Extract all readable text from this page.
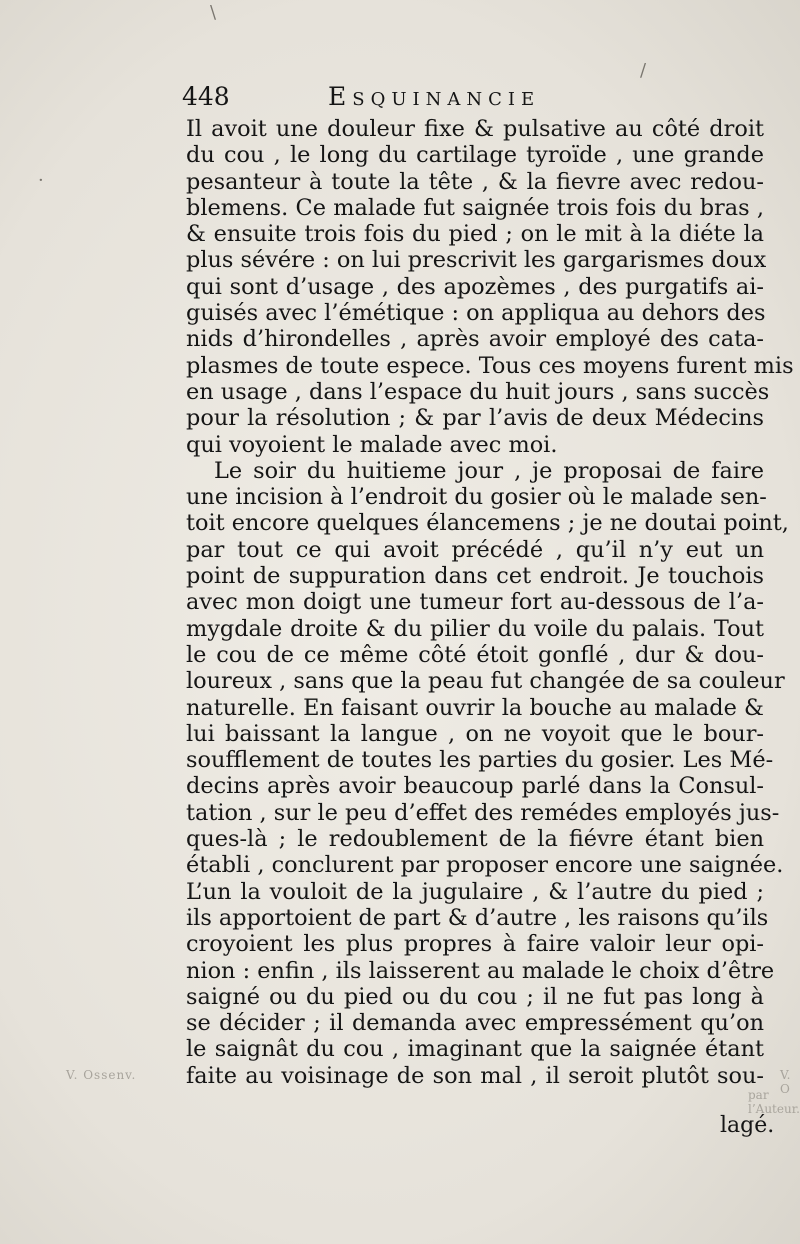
448	Esquinancie
Il avoit une douleur fixe & pulsative au côté droit
du cou , le long du cartilage tyroïde , une grande
pesanteur à toute la tête , & la fievre avec redou-
blemens. Ce malade fut saignée trois fois du bras ,
& ensuite trois fois du pied ; on le mit à la diéte la
plus sévére : on lui prescrivit les gargarismes doux
qui sont d’usage , des apozèmes , des purgatifs ai-
guisés avec l’émétique : on appliqua au dehors des
nids d’hirondelles , après avoir employé des cata-
plasmes de toute espece. Tous ces moyens furent mis
en usage , dans l’espace du huit jours , sans succès
pour la résolution ; & par l’avis de deux Médecins
qui voyoient le malade avec moi.
Le soir du huitieme jour , je proposai de faire
une incision à l’endroit du gosier où le malade sen-
toit encore quelques élancemens ; je ne doutai point,
par tout ce qui avoit précédé , qu’il n’y eut un
point de suppuration dans cet endroit. Je touchois
avec mon doigt une tumeur fort au-dessous de l’a-
mygdale droite & du pilier du voile du palais. Tout
le cou de ce même côté étoit gonflé , dur & dou-
loureux , sans que la peau fut changée de sa couleur
naturelle. En faisant ouvrir la bouche au malade &
lui baissant la langue , on ne voyoit que le bour-
soufflement de toutes les parties du gosier. Les Mé-
decins après avoir beaucoup parlé dans la Consul-
tation , sur le peu d’effet des remédes employés jus-
ques-là ; le redoublement de la fiévre étant bien
établi , conclurent par proposer encore une saignée.
L’un la vouloit de la jugulaire , & l’autre du pied ;
ils apportoient de part & d’autre , les raisons qu’ils
croyoient les plus propres à faire valoir leur opi-
nion : enfin , ils laisserent au malade le choix d’être
saigné ou du pied ou du cou ; il ne fut pas long à
se décider ; il demanda avec empressément qu’on
le saignât du cou , imaginant que la saignée étant
faite au voisinage de son mal , il seroit plutôt sou-
lagé.
V. Ossenv.	V. O
par l’Auteur.
·
/
\
